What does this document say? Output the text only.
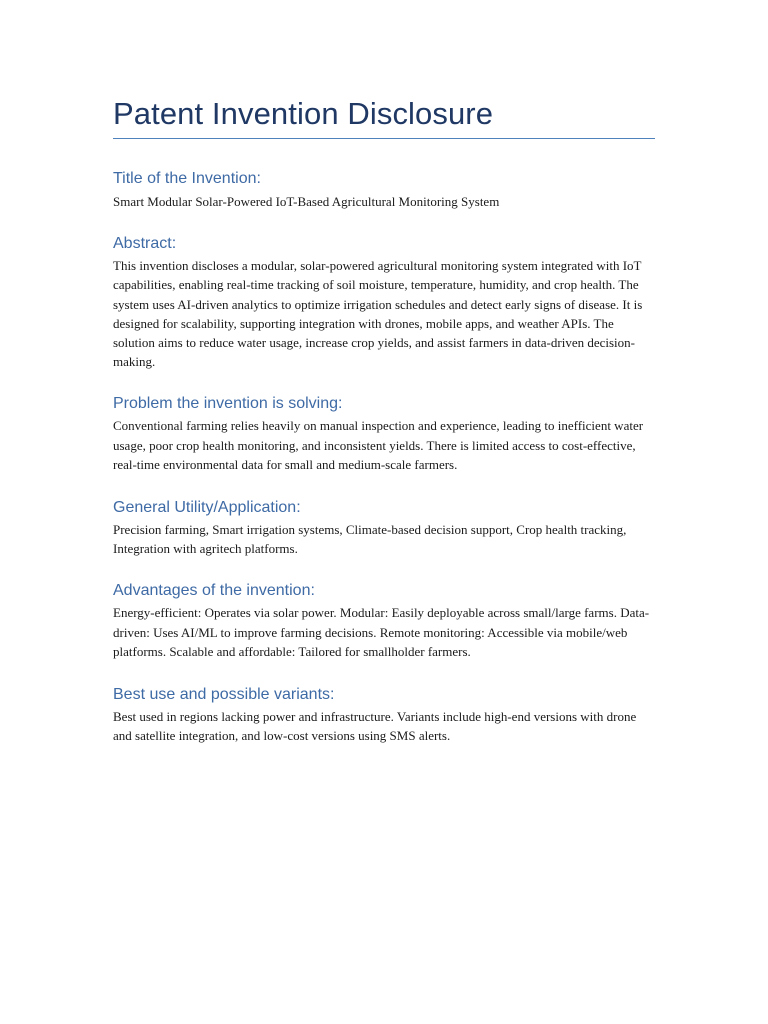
Patent Invention Disclosure
Title of the Invention:

Smart Modular Solar-Powered IoT-Based Agricultural Monitoring System

Abstract:

This invention discloses a modular, solar-powered agricultural monitoring system integrated with IoT capabilities, enabling real-time tracking of soil moisture, temperature, humidity, and crop health. The system uses AI-driven analytics to optimize irrigation schedules and detect early signs of disease. It is designed for scalability, supporting integration with drones, mobile apps, and weather APIs. The solution aims to reduce water usage, increase crop yields, and assist farmers in data-driven decision-making.

Problem the invention is solving:

Conventional farming relies heavily on manual inspection and experience, leading to inefficient water usage, poor crop health monitoring, and inconsistent yields. There is limited access to cost-effective, real-time environmental data for small and medium-scale farmers.

General Utility/Application:

Precision farming, Smart irrigation systems, Climate-based decision support, Crop health tracking, Integration with agritech platforms.

Advantages of the invention:

Energy-efficient: Operates via solar power. Modular: Easily deployable across small/large farms. Data-driven: Uses AI/ML to improve farming decisions. Remote monitoring: Accessible via mobile/web platforms. Scalable and affordable: Tailored for smallholder farmers.

Best use and possible variants:

Best used in regions lacking power and infrastructure. Variants include high-end versions with drone and satellite integration, and low-cost versions using SMS alerts.
